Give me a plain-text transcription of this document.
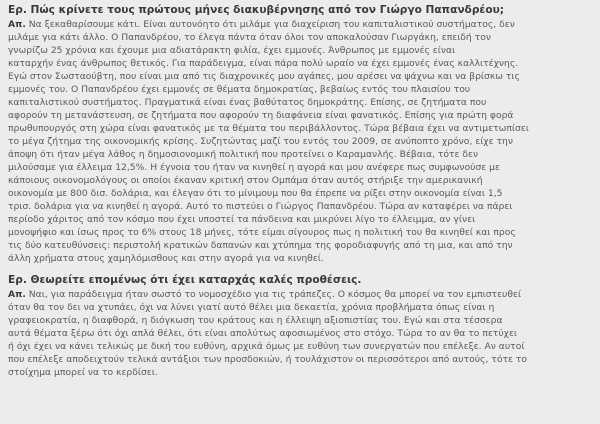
Ερ. Πώς κρίνετε τους πρώτους μήνες διακυβέρνησης από τον Γιώργο Παπανδρέου;

Απ. Να ξεκαθαρίσουμε κάτι. Είναι αυτονόητο ότι μιλάμε για διαχείριση του καπιταλιστικού συστήματος, δεν
μιλάμε για κάτι άλλο. Ο Παπανδρέου, το έλεγα πάντα όταν όλοι τον αποκαλούσαν Γιωργάκη, επειδή τον
γνωρίζω 25 χρόνια και έχουμε μια αδιατάρακτη φιλία, έχει εμμονές. Άνθρωπος με εμμονές είναι
καταρχήν ένας άνθρωπος θετικός. Για παράδειγμα, είναι πάρα πολύ ωραίο να έχει εμμονές ένας καλλιτέχνης.
Εγώ στον Σωσταούβτη, που είναι μια από τις διαχρονικές μου αγάπες, μου αρέσει να ψάχνω και να βρίσκω τις
εμμονές του. Ο Παπανδρέου έχει εμμονές σε θέματα δημοκρατίας, βεβαίως εντός του πλαισίου του
καπιταλιστικού συστήματος. Πραγματικά είναι ένας βαθύτατος δημοκράτης. Επίσης, σε ζητήματα που
αφορούν τη μετανάστευση, σε ζητήματα που αφορούν τη διαφάνεια είναι φανατικός. Επίσης για πρώτη φορά
πρωθυπουργός στη χώρα είναι φανατικός με τα θέματα του περιβάλλοντος. Τώρα βέβαια έχει να αντιμετωπίσει
το μέγα ζήτημα της οικονομικής κρίσης. Συζητώντας μαζί του εντός του 2009, σε ανύποπτο χρόνο, είχε την
άποψη ότι ήταν μέγα λάθος η δημοσιονομική πολιτική που προτείνει ο Καραμανλής. Βέβαια, τότε δεν
μιλούσαμε για έλλειμα 12,5%. Η έγνοια του ήταν να κινηθεί η αγορά και μου ανέφερε πως συμφωνούσε με
κάποιους οικονομολόγους οι οποίοι έκαναν κριτική στον Ομπάμα όταν αυτός στήριξε την αμερικανική
οικονομία με 800 δισ. δολάρια, και έλεγαν ότι το μίνιμουμ που θα έπρεπε να ρίξει στην οικονομία είναι 1,5
τρισ. δολάρια για να κινηθεί η αγορά. Αυτό το πιστεύει ο Γιώργος Παπανδρέου. Τώρα αν καταφέρει να πάρει
περίοδο χάριτος από τον κόσμο που έχει υποστεί τα πάνδεινα και μικρύνει λίγο το έλλειμμα, αν γίνει
μονοψήφιο και ίσως προς το 6% στους 18 μήνες, τότε είμαι σίγουρος πως η πολιτική του θα κινηθεί και προς
τις δύο κατευθύνσεις: περιστολή κρατικών δαπανών και χτύπημα της φοροδιαφυγής από τη μια, και από την
άλλη χρήματα στους χαμηλόμισθους και στην αγορά για να κινηθεί.

Ερ. Θεωρείτε επομένως ότι έχει καταρχάς καλές προθέσεις.

Απ. Ναι, για παράδειγμα ήταν σωστό το νομοσχέδιο για τις τράπεζες. Ο κόσμος θα μπορεί να τον εμπιστευθεί
όταν θα τον δει να χτυπάει, όχι να λύνει γιατί αυτό θέλει μια δεκαετία, χρόνια προβλήματα όπως είναι η
γραφειοκρατία, η διαφθορά, η διόγκωση του κράτους και η έλλειψη αξιοπιστίας του. Εγώ και στα τέσσερα
αυτά θέματα ξέρω ότι όχι απλά θέλει, ότι είναι απολύτως αφοσιωμένος στο στόχο. Τώρα το αν θα το πετύχει
ή όχι έχει να κάνει τελικώς με δική του ευθύνη, αρχικά όμως με ευθύνη των συνεργατών που επέλεξε. Αν αυτοί
που επέλεξε αποδειχτούν τελικά αντάξιοι των προσδοκιών, ή τουλάχιστον οι περισσότεροι από αυτούς, τότε το
στοίχημα μπορεί να το κερδίσει.
